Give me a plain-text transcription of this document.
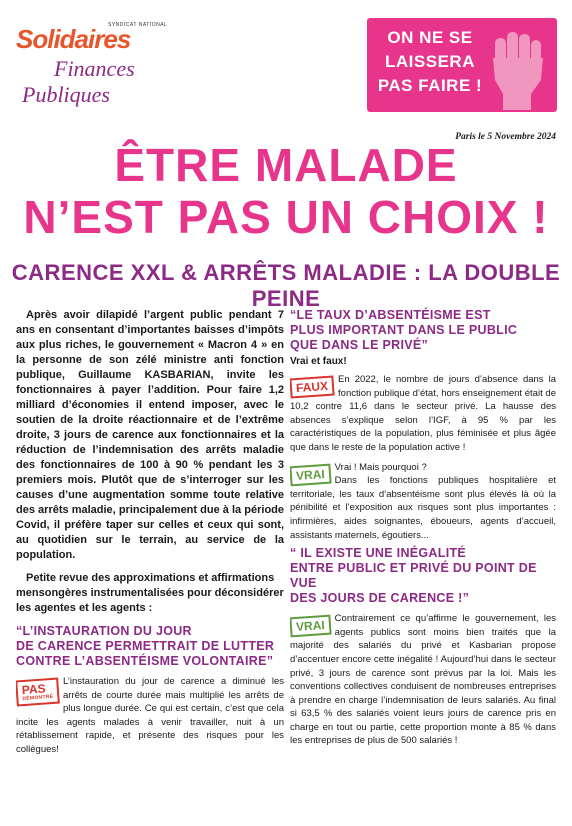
Solidaires
SYNDICAT NATIONAL
Finances
Publiques
ON NE SE
LAISSERA
PAS FAIRE !
Paris le 5 Novembre 2024
ÊTRE MALADE
N’EST PAS UN CHOIX !
CARENCE XXL & ARRÊTS MALADIE : LA DOUBLE PEINE

Après avoir dilapidé l’argent public pendant 7 ans en consentant d’importantes baisses d’impôts aux plus riches, le gouvernement « Macron 4 » en la personne de son zélé ministre anti fonction publique, Guillaume KASBARIAN, invite les fonctionnaires à payer l’addition. Pour faire 1,2 milliard d’économies il entend imposer, avec le soutien de la droite réactionnaire et de l’extrême droite, 3 jours de carence aux fonctionnaires et la réduction de l’indemnisation des arrêts maladie des fonctionnaires de 100 à 90 % pendant les 3 premiers mois. Plutôt que de s’interroger sur les causes d’une augmentation somme toute relative des arrêts maladie, principalement due à la période Covid, il préfère taper sur celles et ceux qui sont, au quotidien sur le terrain, au service de la population.

Petite revue des approximations et affirmations mensongères instrumentalisées pour déconsidérer les agentes et les agents :

“L’INSTAURATION DU JOUR
DE CARENCE PERMETTRAIT DE LUTTER
CONTRE L’ABSENTÉISME VOLONTAIRE”
PAS
DÉMONTRÉ

L’instauration du jour de carence a diminué les arrêts de courte durée mais multiplié les arrêts de plus longue durée. Ce qui est certain, c’est que cela incite les agents malades à venir travailler, nuit à un rétablissement rapide, et présente des risques pour les collègues!

“LE TAUX D’ABSENTÉISME EST
PLUS IMPORTANT DANS LE PUBLIC
QUE DANS LE PRIVÉ”
Vrai et faux!
FAUX	En 2022, le nombre de jours d’absence dans la fonction publique d’état, hors enseignement était de 10,2 contre 11,6 dans le secteur privé. La hausse des absences s’explique selon l’IGF, à 95 % par les caractéristiques de la population, plus féminisée et plus âgée que dans le reste de la population active !

VRAI	Vrai ! Mais pourquoi ?

Dans les fonctions publiques hospitalière et territoriale, les taux d’absentéisme sont plus élevés là où la pénibilité et l’exposition aux risques sont plus importantes : infirmières, aides soignantes, éboueurs, agents d’accueil, assistants maternels, égoutiers...

“ IL EXISTE UNE INÉGALITÉ
ENTRE PUBLIC ET PRIVÉ DU POINT DE VUE
DES JOURS DE CARENCE !”
VRAI	Contrairement ce qu’affirme le gouvernement, les agents publics sont moins bien traités que la majorité des salariés du privé et Kasbarian propose d’accentuer encore cette inégalité ! Aujourd’hui dans le secteur privé, 3 jours de carence sont prévus par la loi. Mais les conventions collectives conduisent de nombreuses entreprises à prendre en charge l’indemnisation de leurs salariés. Au final si 63,5 % des salariés voient leurs jours de carence pris en charge en tout ou partie, cette proportion monte à 85 % dans les entreprises de plus de 500 salariés !
